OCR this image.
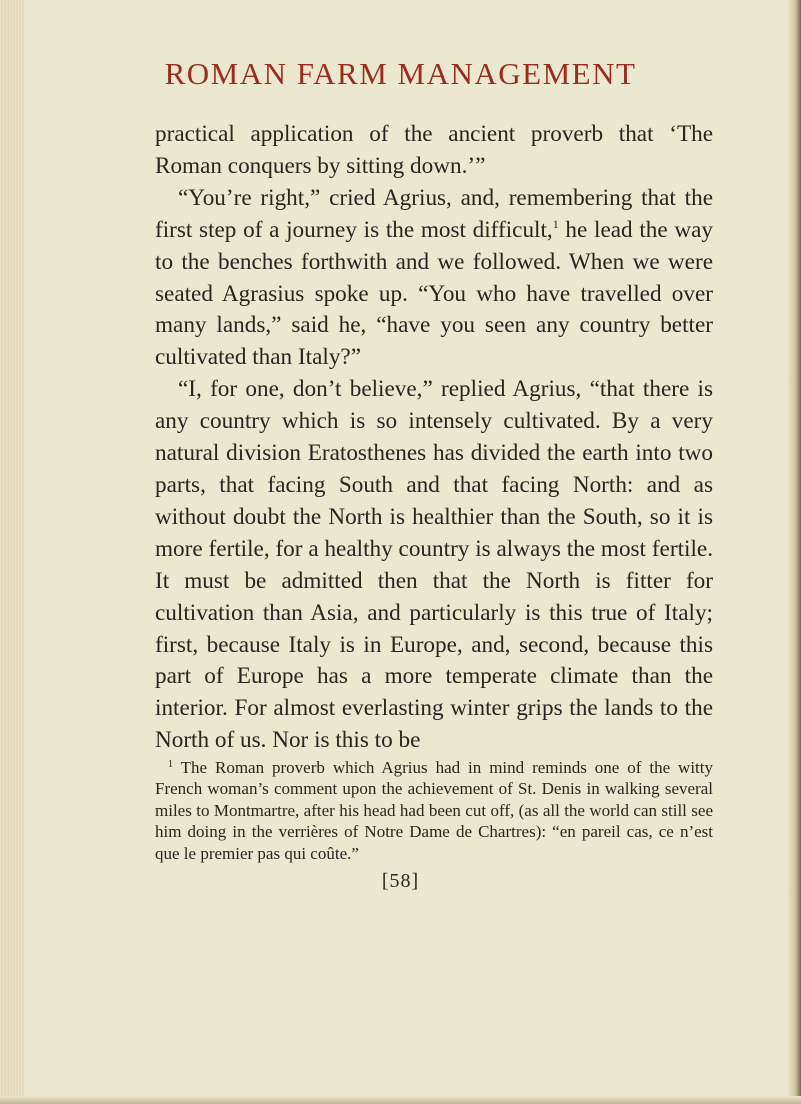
ROMAN FARM MANAGEMENT

practical application of the ancient proverb that ‘The Roman conquers by sitting down.’”

“You’re right,” cried Agrius, and, remembering that the first step of a journey is the most difficult,$^1$ he lead the way to the benches forthwith and we followed. When we were seated Agrasius spoke up. “You who have travelled over many lands,” said he, “have you seen any country better cultivated than Italy?”

“I, for one, don’t believe,” replied Agrius, “that there is any country which is so intensely cultivated. By a very natural division Eratosthenes has divided the earth into two parts, that facing South and that facing North: and as without doubt the North is healthier than the South, so it is more fertile, for a healthy country is always the most fertile. It must be admitted then that the North is fitter for cultivation than Asia, and particularly is this true of Italy; first, because Italy is in Europe, and, second, because this part of Europe has a more temperate climate than the interior. For almost everlasting winter grips the lands to the North of us. Nor is this to be

$^1$ The Roman proverb which Agrius had in mind reminds one of the witty French woman’s comment upon the achievement of St. Denis in walking several miles to Montmartre, after his head had been cut off, (as all the world can still see him doing in the verrières of Notre Dame de Chartres): “en pareil cas, ce n’est que le premier pas qui coûte.”

[58]
